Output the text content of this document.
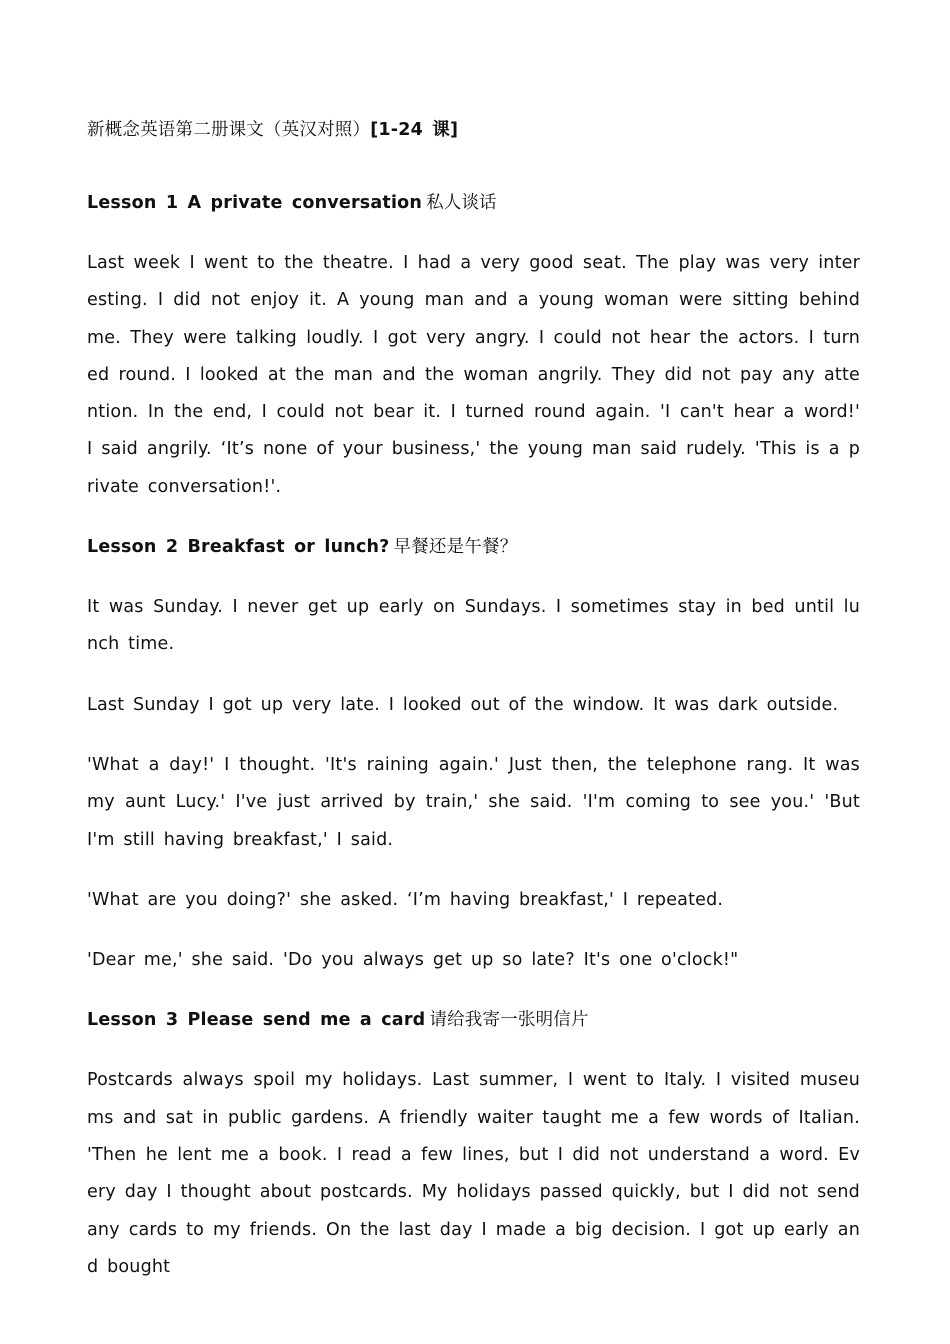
新概念英语第二册课文（英汉对照）[1-24 课]

Lesson 1 A private conversation 私人谈话

Last week I went to the theatre. I had a very good seat. The play was very interesting. I did not enjoy it. A young man and a young woman were sitting behind me. They were talking loudly. I got very angry. I could not hear the actors. I turned round. I looked at the man and the woman angrily. They did not pay any attention. In the end, I could not bear it. I turned round again. 'I can't hear a word!' I said angrily. ‘It’s none of your business,' the young man said rudely. 'This is a private conversation!'.

Lesson 2 Breakfast or lunch? 早餐还是午餐？

It was Sunday. I never get up early on Sundays. I sometimes stay in bed until lunch time.

Last Sunday I got up very late. I looked out of the window. It was dark outside.

'What a day!' I thought. 'It's raining again.' Just then, the telephone rang. It was my aunt Lucy.' I've just arrived by train,' she said. 'I'm coming to see you.' 'But I'm still having breakfast,' I said.

'What are you doing?' she asked. ‘I’m having breakfast,' I repeated.

'Dear me,' she said. 'Do you always get up so late? It's one o'clock!"

Lesson 3 Please send me a card 请给我寄一张明信片

Postcards always spoil my holidays. Last summer, I went to Italy. I visited museums and sat in public gardens. A friendly waiter taught me a few words of Italian. 'Then he lent me a book. I read a few lines, but I did not understand a word. Every day I thought about postcards. My holidays passed quickly, but I did not send any cards to my friends. On the last day I made a big decision. I got up early and bought
